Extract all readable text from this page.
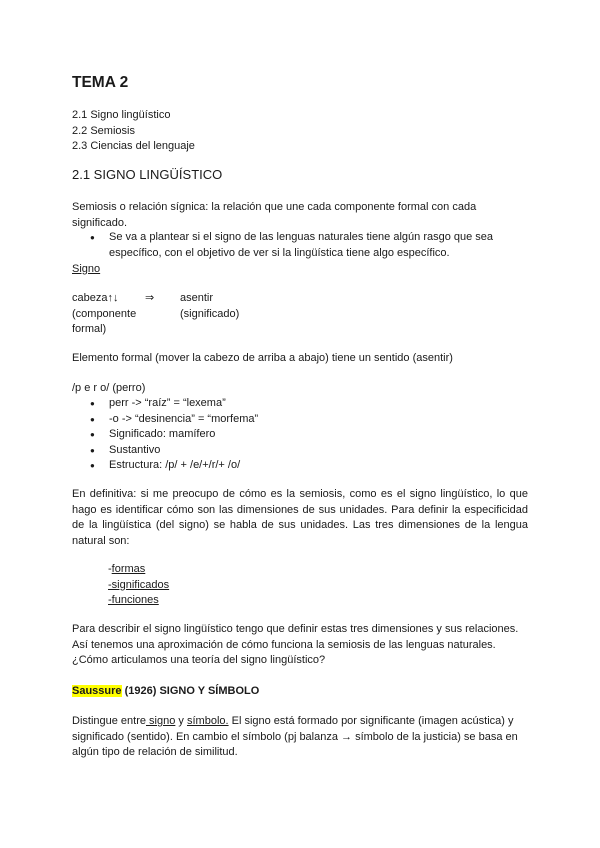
TEMA 2
2.1 Signo lingüístico
2.2 Semiosis
2.3 Ciencias del lenguaje
2.1 SIGNO LINGÜÍSTICO

Semiosis o relación sígnica: la relación que une cada componente formal con cada significado.

● Se va a plantear si el signo de las lenguas naturales tiene algún rasgo que sea específico, con el objetivo de ver si la lingüística tiene algo específico.
Signo
cabeza↑↓
(componente
formal)
⇒ asentir
(significado)

Elemento formal (mover la cabezo de arriba a abajo) tiene un sentido (asentir)

/p e r o/ (perro)

● perr -> “raíz” = “lexema”
● -o -> “desinencia” = “morfema”
● Significado: mamífero
● Sustantivo
● Estructura: /p/ + /e/+/r/+ /o/

En definitiva: si me preocupo de cómo es la semiosis, como es el signo lingüístico, lo que hago es identificar cómo son las dimensiones de sus unidades. Para definir la especificidad de la lingüística (del signo) se habla de sus unidades. Las tres dimensiones de la lengua natural son:

-formas
-significados
-funciones

Para describir el signo lingüístico tengo que definir estas tres dimensiones y sus relaciones. Así tenemos una aproximación de cómo funciona la semiosis de las lenguas naturales. ¿Cómo articulamos una teoría del signo lingüístico?

Saussure (1926) SIGNO Y SÍMBOLO

Distingue entre signo y símbolo. El signo está formado por significante (imagen acústica) y significado (sentido). En cambio el símbolo (pj balanza → símbolo de la justicia) se basa en algún tipo de relación de similitud.
